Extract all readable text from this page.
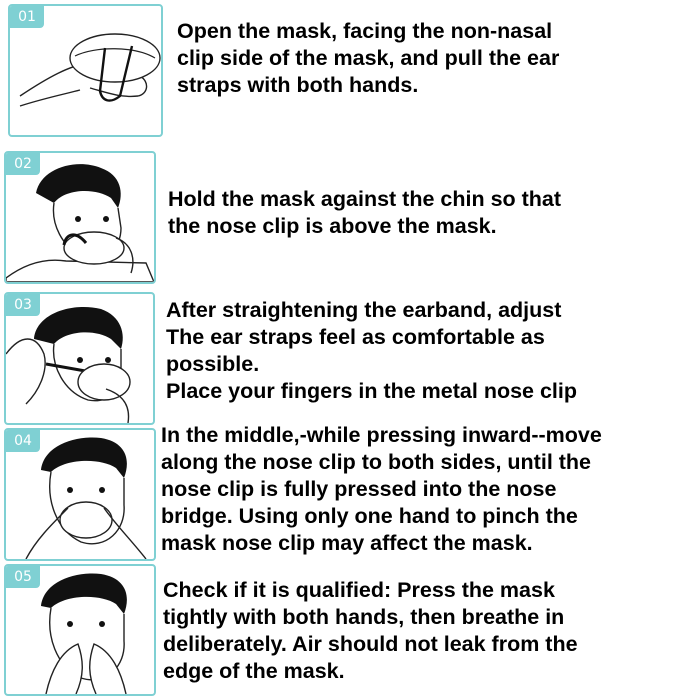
01

Open the mask, facing the non-nasal
clip side of the mask, and pull the ear
straps with both hands.

02

Hold the mask against the chin so that
the nose clip is above the mask.

03	After straightening the earband, adjust
The ear straps feel as comfortable as
possible.
Place your fingers in the metal nose clip

04	In the middle,-while pressing inward--move
along the nose clip to both sides, until the
nose clip is fully pressed into the nose
bridge. Using only one hand to pinch the
mask nose clip may affect the mask.

05

Check if it is qualified: Press the mask
tightly with both hands, then breathe in
deliberately. Air should not leak from the
edge of the mask.
